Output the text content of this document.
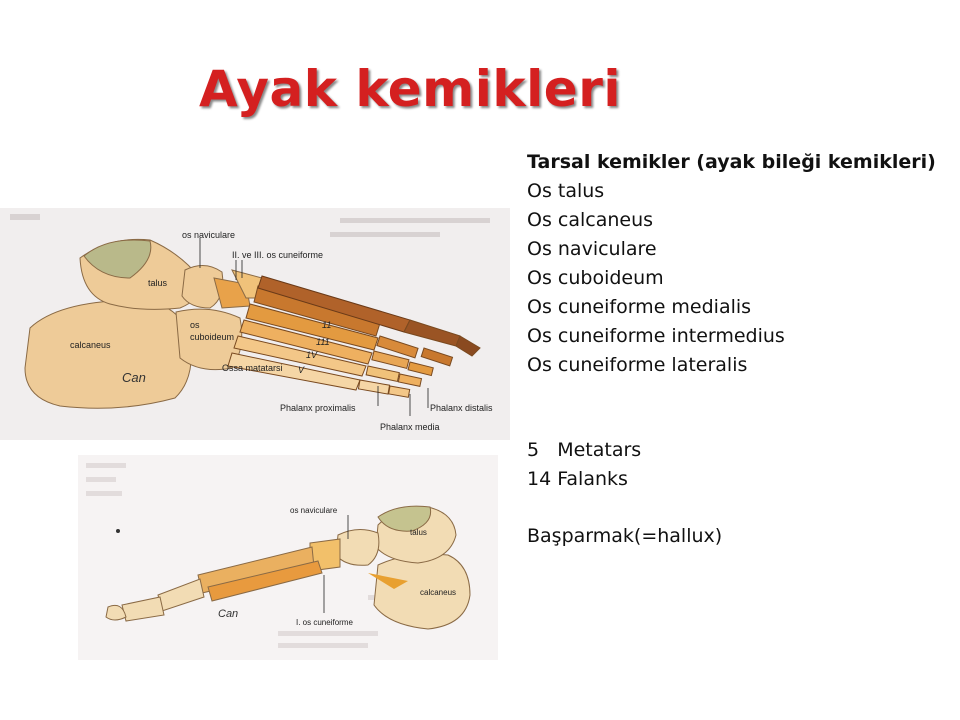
Ayak kemikleri
os naviculare
II. ve III. os cuneiforme
talus
os
cuboideum
calcaneus
Ossa matatarsi
Phalanx proximalis	Phalanx distalis
Phalanx media
11
111
1V
V
Can
os naviculare
talus
calcaneus
I. os cuneiforme
Can
Tarsal kemikler (ayak bileği kemikleri)
Os talus
Os calcaneus
Os naviculare
Os cuboideum
Os cuneiforme medialis
Os cuneiforme intermedius
Os cuneiforme lateralis
5   Metatars
14 Falanks
Başparmak(=hallux)
